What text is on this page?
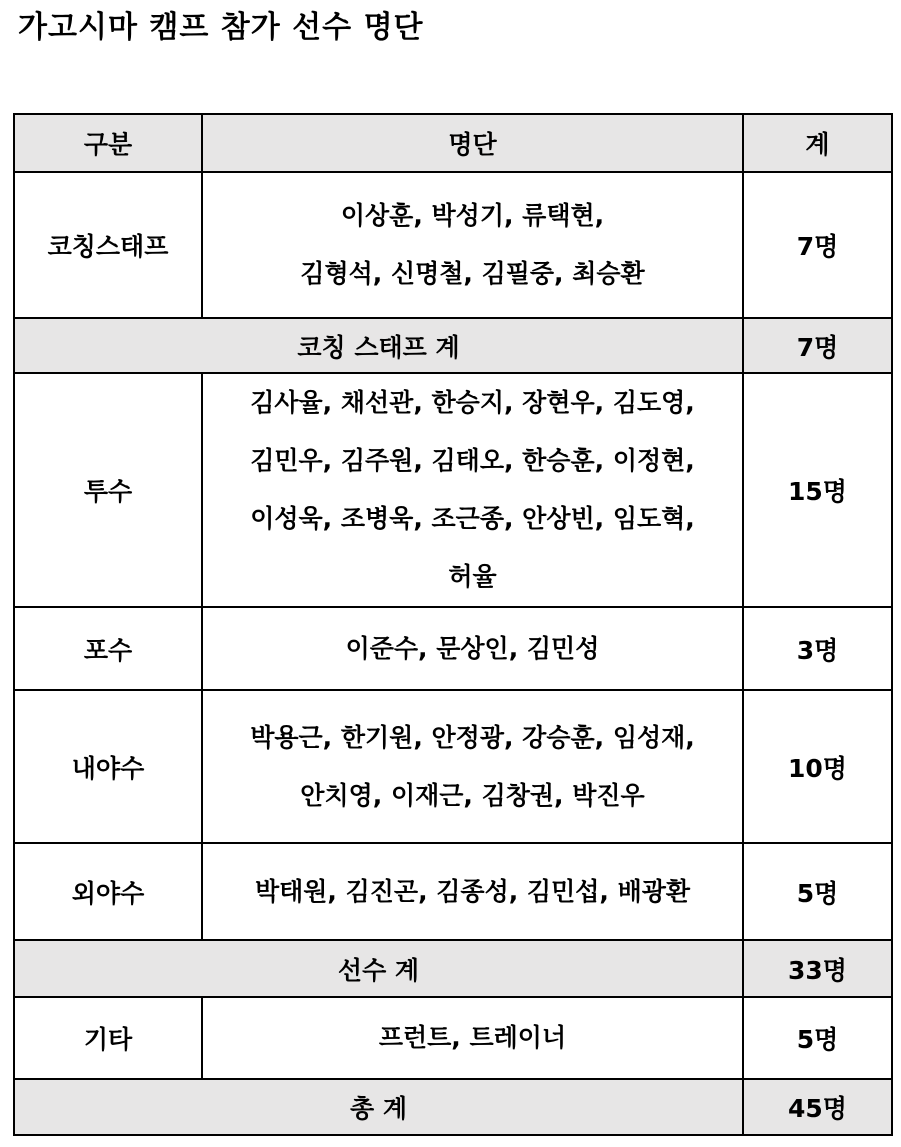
가고시마 캠프 참가 선수 명단
구분	명단	계
코칭스태프	이상훈, 박성기, 류택현,
김형석, 신명철, 김필중, 최승환	7명
코칭 스태프 계		7명
투수	김사율, 채선관, 한승지, 장현우, 김도영,
김민우, 김주원, 김태오, 한승훈, 이정현,
이성욱, 조병욱, 조근종, 안상빈, 임도혁,
허율	15명
포수	이준수, 문상인, 김민성	3명
내야수	박용근, 한기원, 안정광, 강승훈, 임성재,
안치영, 이재근, 김창권, 박진우	10명
외야수	박태원, 김진곤, 김종성, 김민섭, 배광환	5명
선수 계		33명
기타	프런트, 트레이너	5명
총 계		45명
